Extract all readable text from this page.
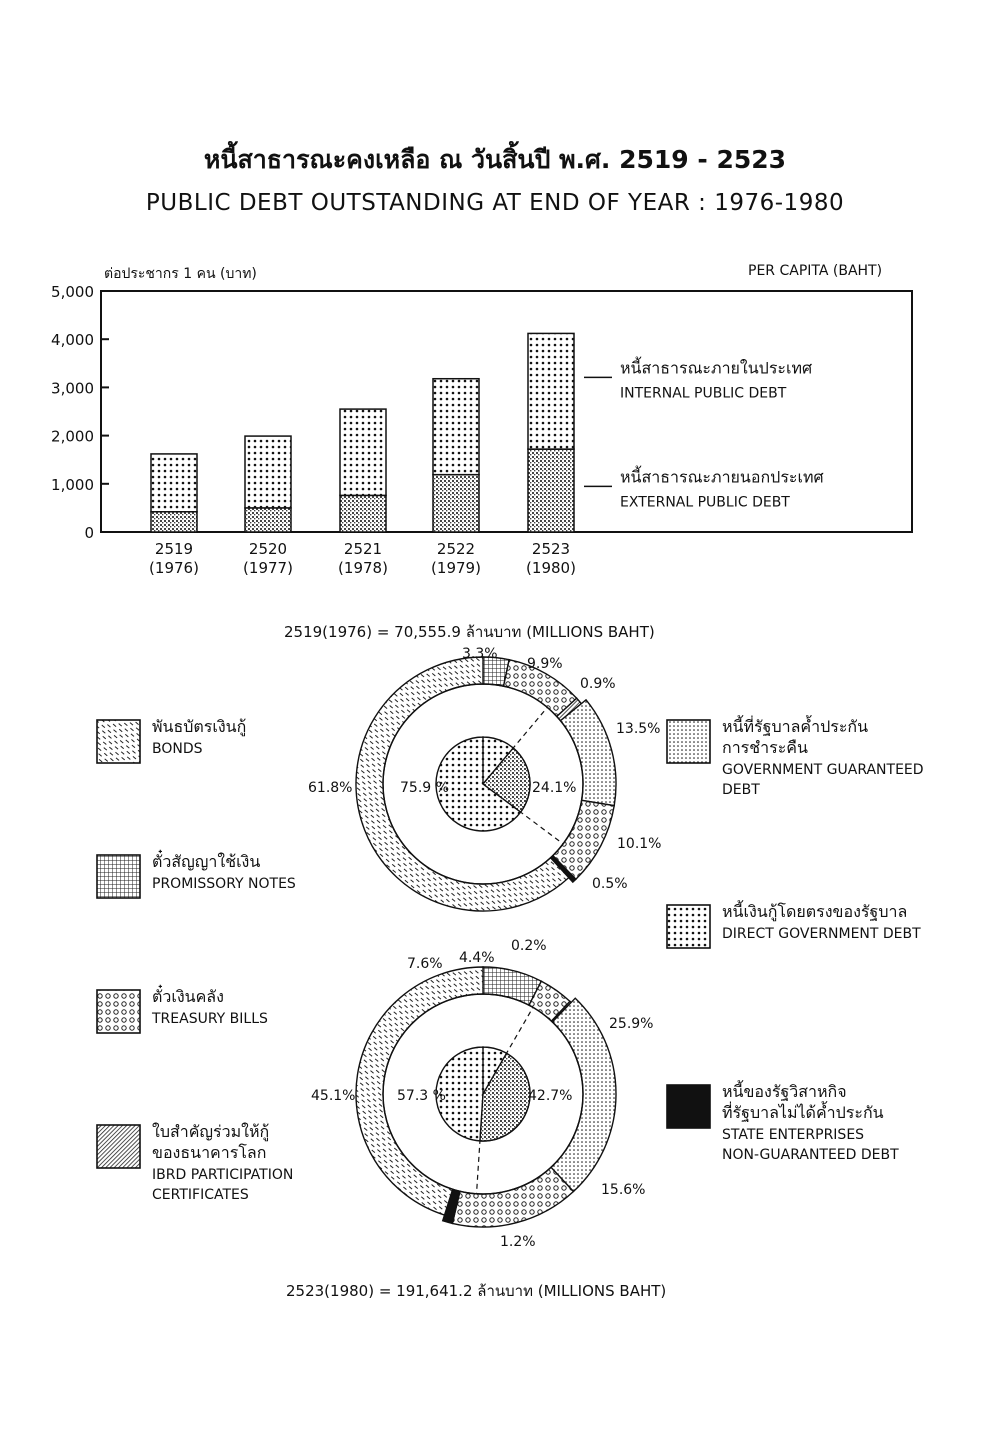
หนี้สาธารณะคงเหลือ ณ วันสิ้นปี พ.ศ. 2519 - 2523
PUBLIC DEBT OUTSTANDING AT END OF YEAR : 1976-1980
0
1,000
2,000
3,000
4,000
5,000
2519
(1976)
2520
(1977)
2521
(1978)
2522
(1979)
2523
(1980)
หนี้สาธารณะภายในประเทศ
INTERNAL PUBLIC DEBT
หนี้สาธารณะภายนอกประเทศ
EXTERNAL PUBLIC DEBT
3.3%
9.9%
0.9%
13.5%
10.1%
0.5%
61.8%	75.9 %	24.1%
7.6% 4.4%
0.2%
25.9%
15.6%
1.2%
45.1%	57.3 %	42.7%
พันธบัตรเงินกู้
BONDS
ตั๋วสัญญาใช้เงิน
PROMISSORY NOTES
ตั๋วเงินคลัง
TREASURY BILLS
ใบสำคัญร่วมให้กู้
ของธนาคารโลก
IBRD PARTICIPATION
CERTIFICATES
หนี้ที่รัฐบาลค้ำประกัน
การชำระคืน
GOVERNMENT GUARANTEED
DEBT
หนี้เงินกู้โดยตรงของรัฐบาล
DIRECT GOVERNMENT DEBT
หนี้ของรัฐวิสาหกิจ
ที่รัฐบาลไม่ได้ค้ำประกัน
STATE ENTERPRISES
NON-GUARANTEED DEBT
ต่อประชากร 1 คน (บาท)	PER CAPITA (BAHT)
2519(1976) = 70,555.9 ล้านบาท (MILLIONS BAHT)
2523(1980) = 191,641.2 ล้านบาท (MILLIONS BAHT)
